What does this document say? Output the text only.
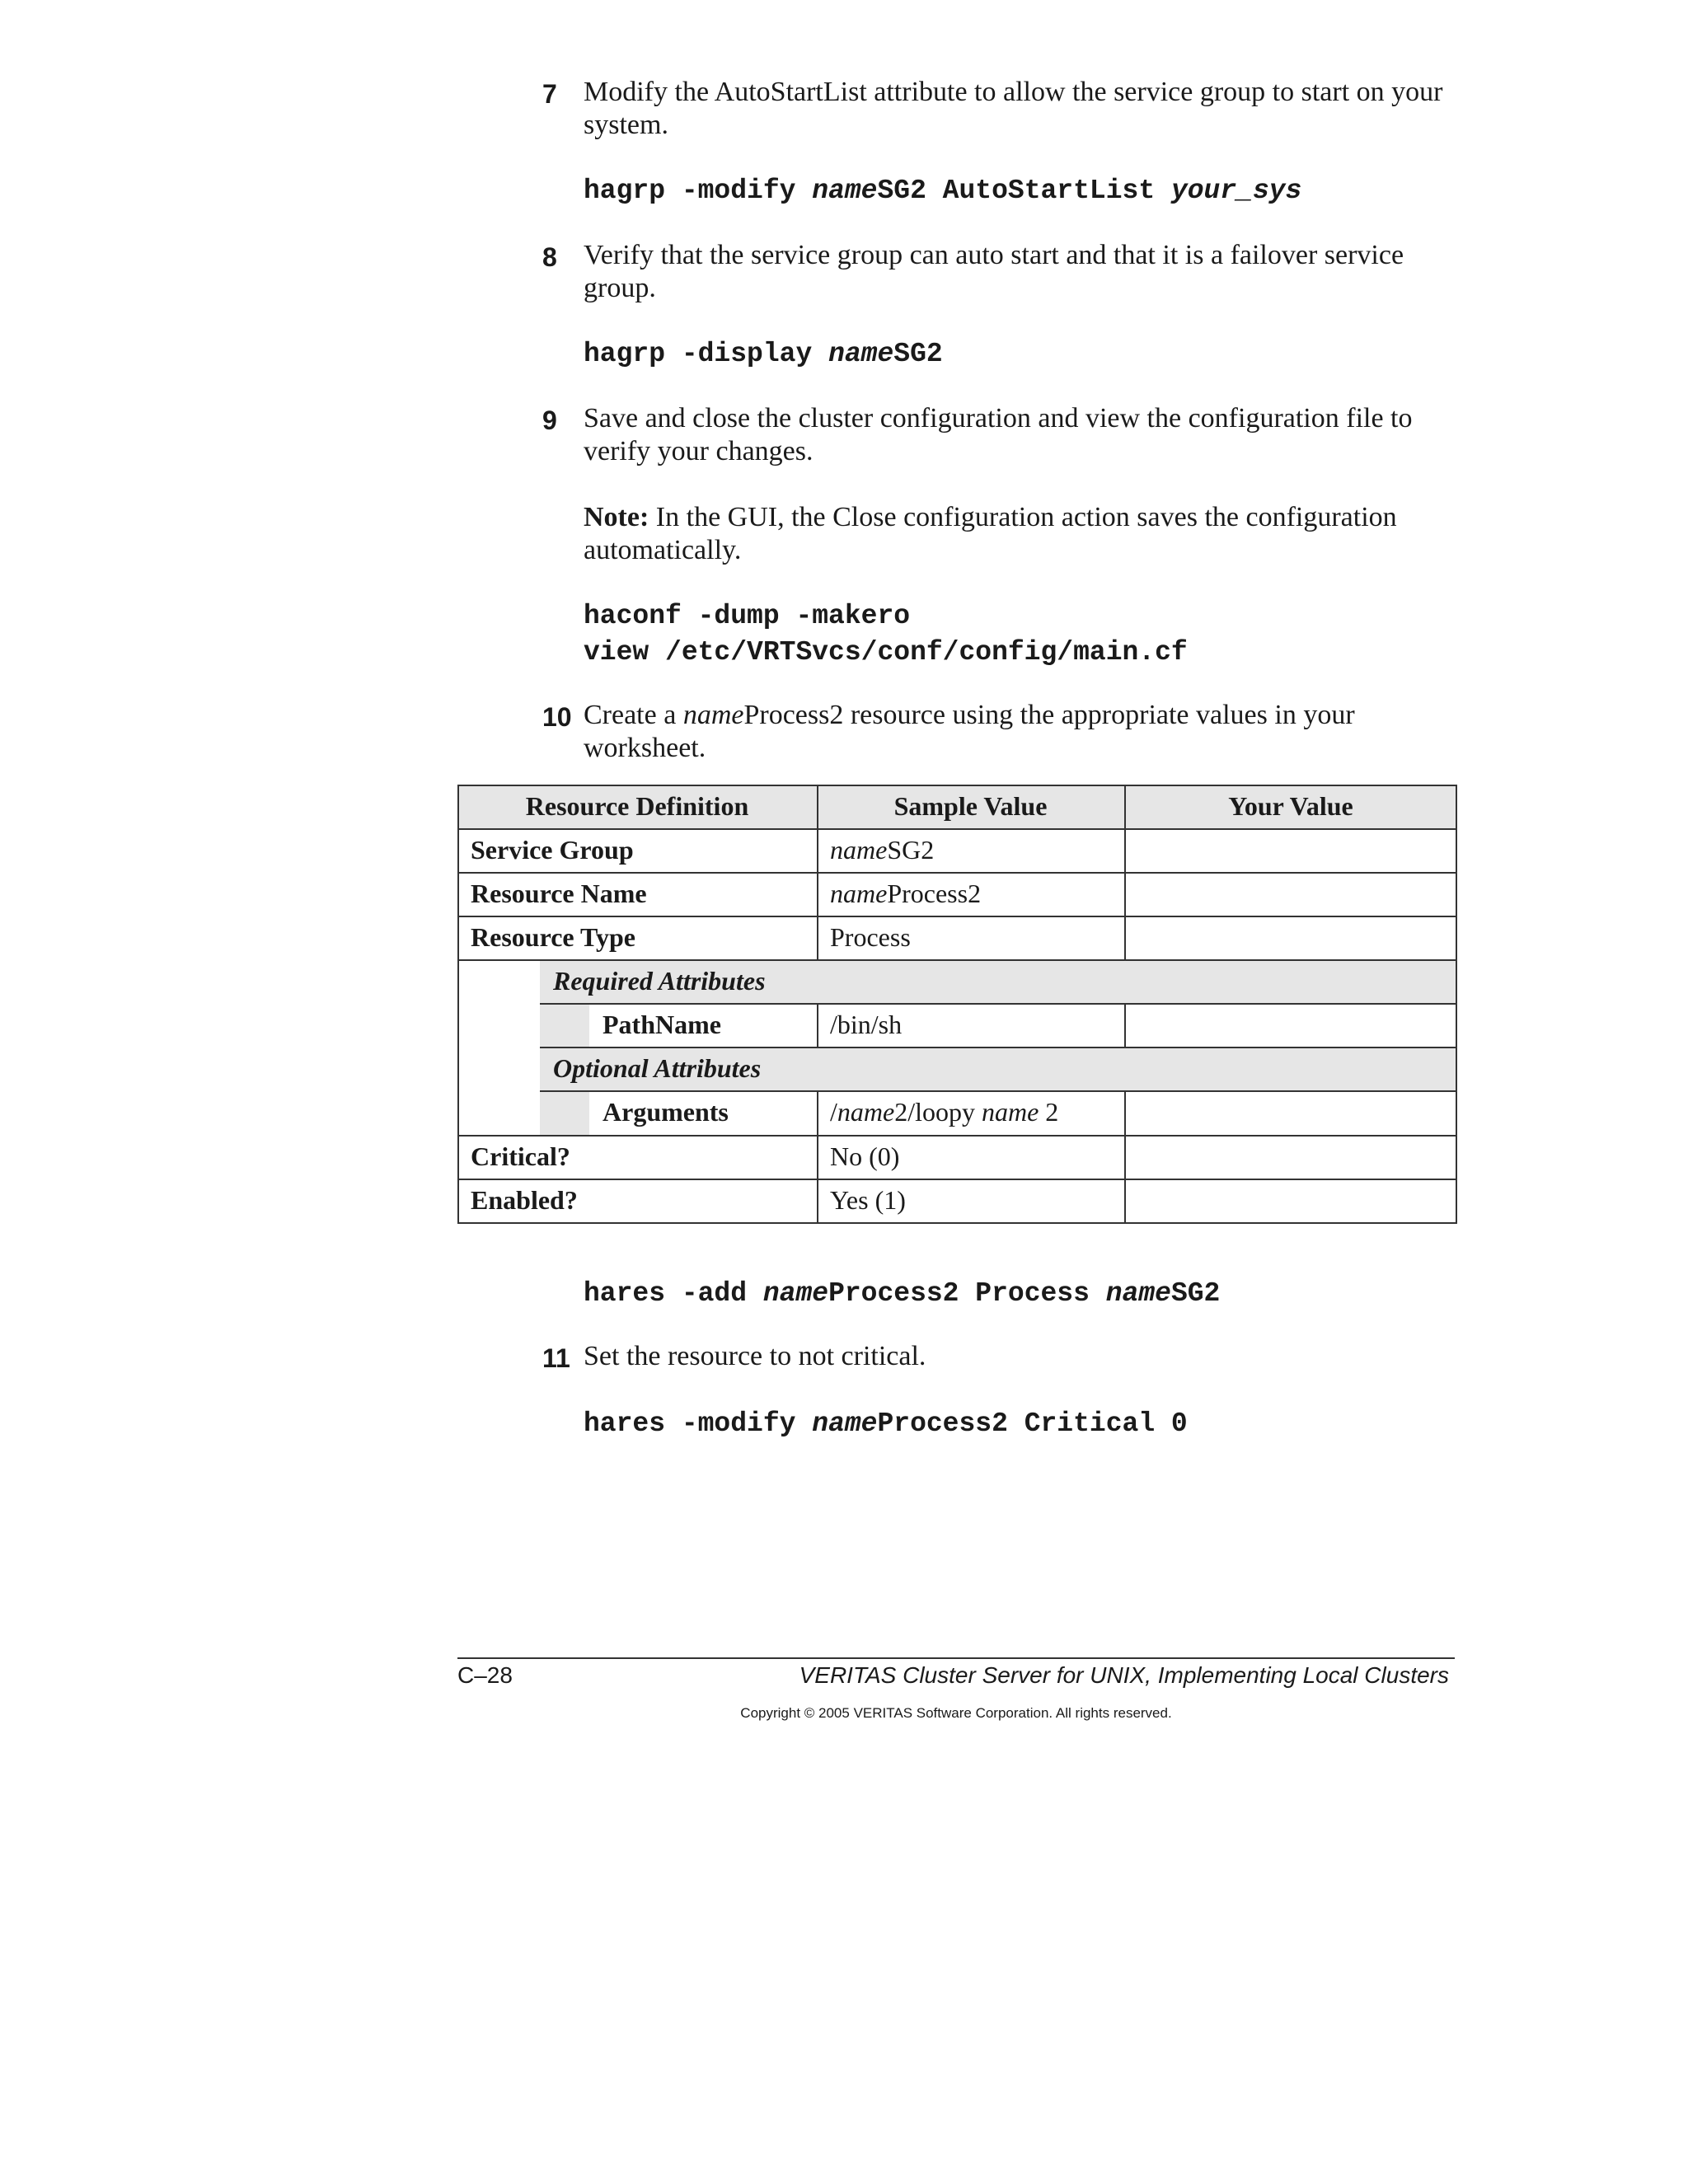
7 Modify the AutoStartList attribute to allow the service group to start on your system.
hagrp -modify nameSG2 AutoStartList your_sys
8 Verify that the service group can auto start and that it is a failover service group.
hagrp -display nameSG2
9 Save and close the cluster configuration and view the configuration file to verify your changes.
Note: In the GUI, the Close configuration action saves the configuration automatically.
haconf -dump -makero
view /etc/VRTSvcs/conf/config/main.cf
10 Create a nameProcess2 resource using the appropriate values in your worksheet.
Resource Definition	Sample Value	Your Value
Service Group	nameSG2
Resource Name	nameProcess2
Resource Type	Process
Required Attributes
PathName	/bin/sh
Optional Attributes
Arguments	/name2/loopy name 2
Critical?	No (0)
Enabled?	Yes (1)
hares -add nameProcess2 Process nameSG2
11 Set the resource to not critical.
hares -modify nameProcess2 Critical 0
C–28	VERITAS Cluster Server for UNIX, Implementing Local Clusters
Copyright © 2005 VERITAS Software Corporation. All rights reserved.
